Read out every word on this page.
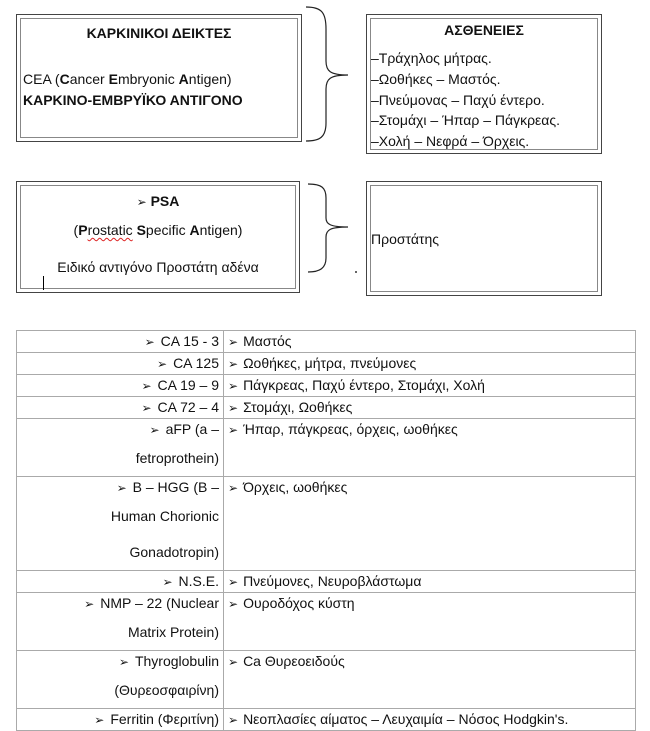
ΚΑΡΚΙΝΙΚΟΙ ΔΕΙΚΤΕΣ
CEA (Cancer Embryonic Antigen)
ΚΑΡΚΙΝΟ-ΕΜΒΡΥΪΚΟ ΑΝΤΙΓΟΝΟ
ΑΣΘΕΝΕΙΕΣ
–Τράχηλος μήτρας.
–Ωοθήκες – Μαστός.
–Πνεύμονας – Παχύ έντερο.
–Στομάχι – Ήπαρ – Πάγκρεας.
–Χολή – Νεφρά – Όρχεις.
➢ PSA
(Prostatic Specific Antigen)
Ειδικό αντιγόνο Προστάτη αδένα
Προστάτης
➢ CA 15 - 3	➢ Μαστός

➢ CA 125	➢ Ωοθήκες, μήτρα, πνεύμονες

➢ CA 19 – 9	➢ Πάγκρεας, Παχύ έντερο, Στομάχι, Χολή

➢ CA 72 – 4	➢ Στομάχι, Ωοθήκες

➢ aFP (a –
fetroprothein)	➢ Ήπαρ, πάγκρεας, όρχεις, ωοθήκες

➢ B – HGG (B –
Human Chorionic
Gonadotropin)	➢ Όρχεις, ωοθήκες

➢ N.S.E.	➢ Πνεύμονες, Νευροβλάστωμα

➢ NMP – 22 (Nuclear
Matrix Protein)	➢ Ουροδόχος κύστη

➢ Thyroglobulin
(Θυρεοσφαιρίνη)	➢ Ca Θυρεοειδούς

➢ Ferritin (Φεριτίνη)	➢ Νεοπλασίες αίματος – Λευχαιμία – Νόσος Hodgkin's.
